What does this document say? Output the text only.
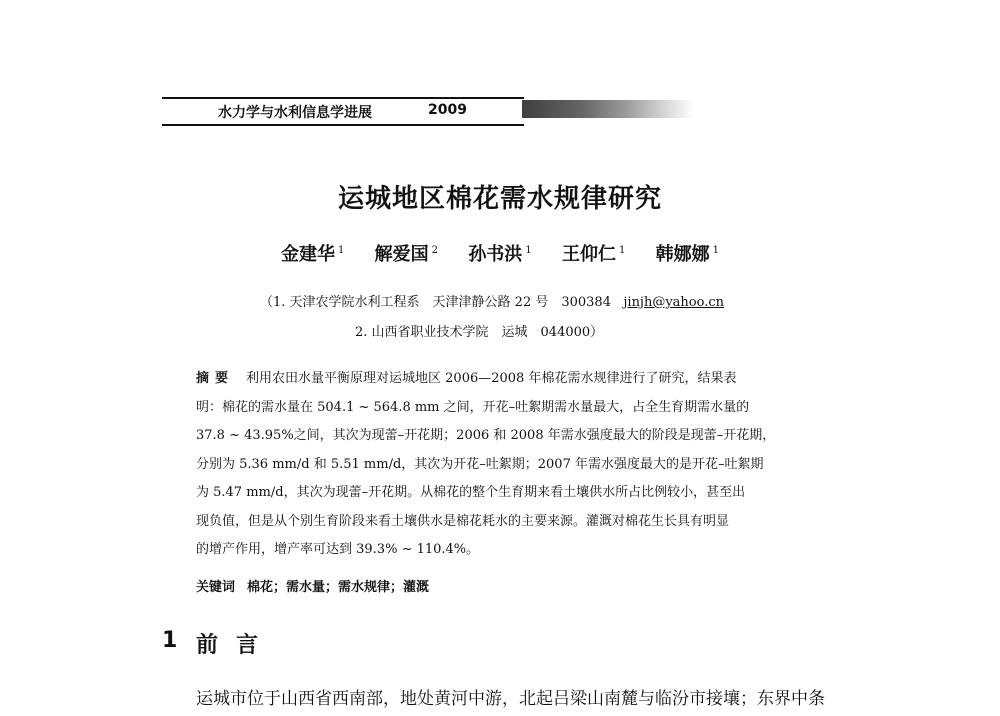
水力学与水利信息学进展	2009
运城地区棉花需水规律研究
金建华 $^1$ 解爱国 $^2$ 孙书洪 $^1$ 王仰仁 $^1$ 韩娜娜 $^1$
（1. 天津农学院水利工程系　天津津静公路 22 号　300384 jinjh@yahoo.cn
2. 山西省职业技术学院　运城　044000）
摘要 利用农田水量平衡原理对运城地区 2006—2008 年棉花需水规律进行了研究，结果表
明：棉花的需水量在 504.1 ~ 564.8 mm 之间，开花–吐絮期需水量最大，占全生育期需水量的
37.8 ~ 43.95%之间，其次为现蕾–开花期；2006 和 2008 年需水强度最大的阶段是现蕾–开花期，
分别为 5.36 mm/d 和 5.51 mm/d，其次为开花–吐絮期；2007 年需水强度最大的是开花–吐絮期
为 5.47 mm/d，其次为现蕾–开花期。从棉花的整个生育期来看土壤供水所占比例较小，甚至出
现负值，但是从个别生育阶段来看土壤供水是棉花耗水的主要来源。灌溉对棉花生长具有明显
的增产作用，增产率可达到 39.3% ~ 110.4%。
关键词 棉花；需水量；需水规律；灌溉
1 前言
运城市位于山西省西南部，地处黄河中游，北起吕梁山南麓与临汾市接壤；东界中条
